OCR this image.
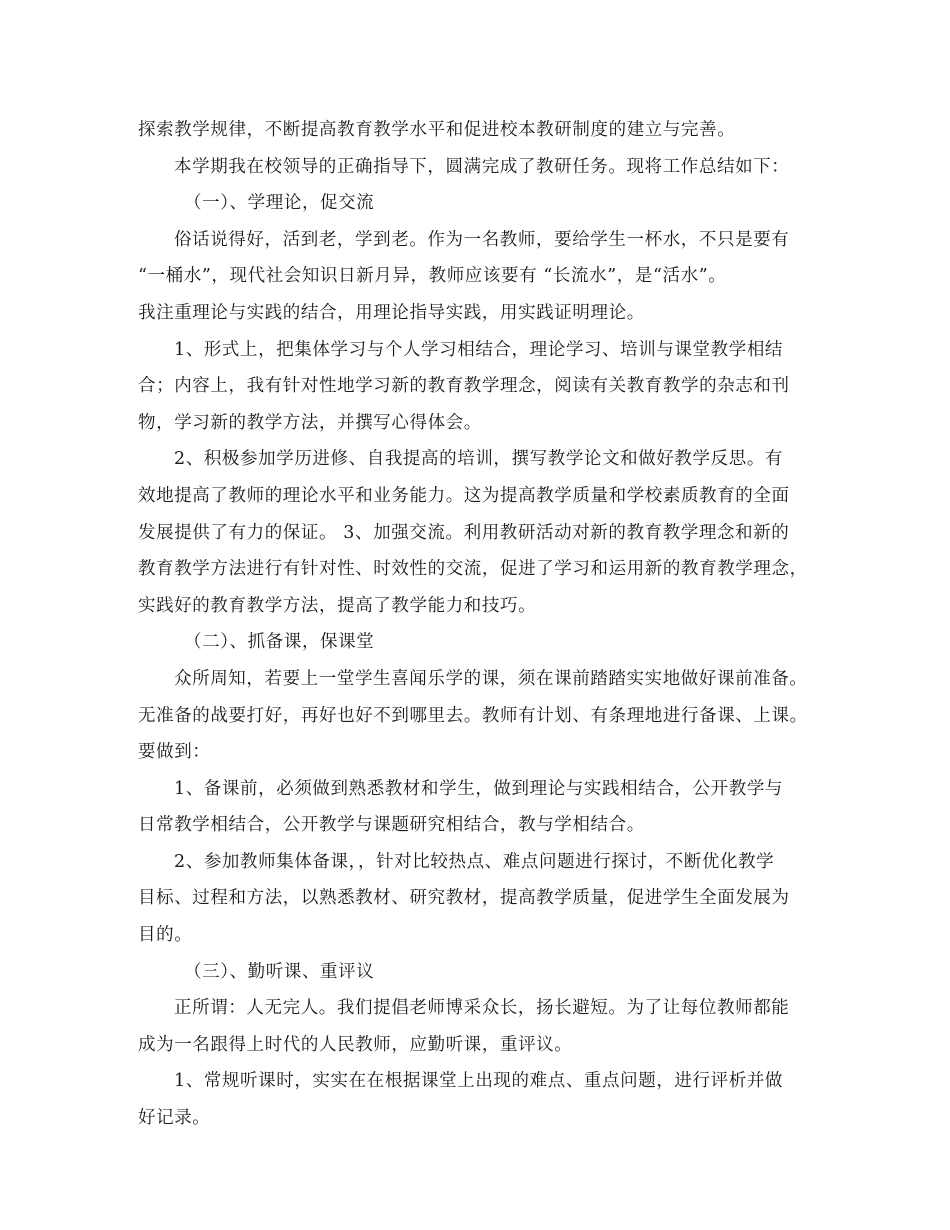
探索教学规律，不断提高教育教学水平和促进校本教研制度的建立与完善。
本学期我在校领导的正确指导下，圆满完成了教研任务。现将工作总结如下：
（一）、学理论，促交流
俗话说得好，活到老，学到老。作为一名教师，要给学生一杯水，不只是要有
“一桶水”，现代社会知识日新月异，教师应该要有 “长流水”，是“活水”。
我注重理论与实践的结合，用理论指导实践，用实践证明理论。
1、形式上，把集体学习与个人学习相结合，理论学习、培训与课堂教学相结
合；内容上，我有针对性地学习新的教育教学理念，阅读有关教育教学的杂志和刊
物，学习新的教学方法，并撰写心得体会。
2、积极参加学历进修、自我提高的培训，撰写教学论文和做好教学反思。有
效地提高了教师的理论水平和业务能力。这为提高教学质量和学校素质教育的全面
发展提供了有力的保证。 3、加强交流。利用教研活动对新的教育教学理念和新的
教育教学方法进行有针对性、时效性的交流，促进了学习和运用新的教育教学理念，
实践好的教育教学方法，提高了教学能力和技巧。
（二）、抓备课，保课堂
众所周知，若要上一堂学生喜闻乐学的课，须在课前踏踏实实地做好课前准备。
无准备的战要打好，再好也好不到哪里去。教师有计划、有条理地进行备课、上课。
要做到：
1、备课前，必须做到熟悉教材和学生，做到理论与实践相结合，公开教学与
日常教学相结合，公开教学与课题研究相结合，教与学相结合。
2、参加教师集体备课，，针对比较热点、难点问题进行探讨，不断优化教学
目标、过程和方法，以熟悉教材、研究教材，提高教学质量，促进学生全面发展为
目的。
（三）、勤听课、重评议
正所谓：人无完人。我们提倡老师博采众长，扬长避短。为了让每位教师都能
成为一名跟得上时代的人民教师，应勤听课，重评议。
1、常规听课时，实实在在根据课堂上出现的难点、重点问题，进行评析并做
好记录。
